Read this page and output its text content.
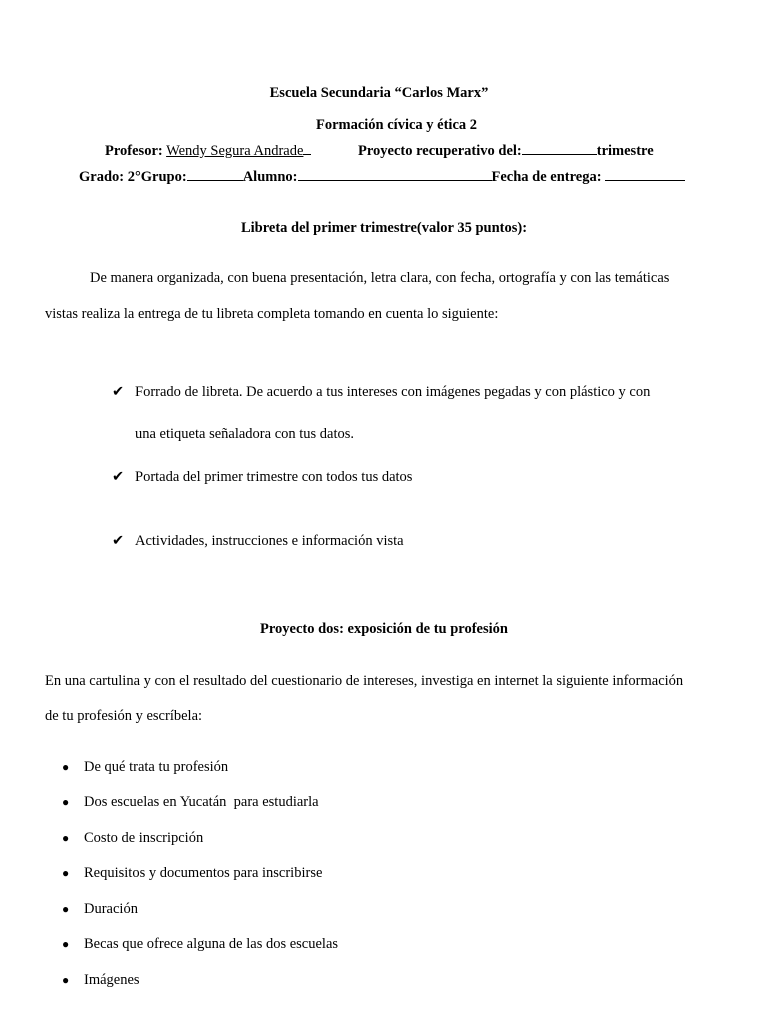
Escuela Secundaria “Carlos Marx”
Formación cívica y ética 2
Profesor: Wendy Segura Andrade	Proyecto recuperativo del:	trimestre
Grado: 2°Grupo:	Alumno:	Fecha de entrega:
Libreta del primer trimestre(valor 35 puntos):
De manera organizada, con buena presentación, letra clara, con fecha, ortografía y con las temáticas
vistas realiza la entrega de tu libreta completa tomando en cuenta lo siguiente:
✔ Forrado de libreta. De acuerdo a tus intereses con imágenes pegadas y con plástico y con
una etiqueta señaladora con tus datos.
✔ Portada del primer trimestre con todos tus datos
✔ Actividades, instrucciones e información vista
Proyecto dos: exposición de tu profesión
En una cartulina y con el resultado del cuestionario de intereses, investiga en internet la siguiente información
de tu profesión y escríbela:
● De qué trata tu profesión
● Dos escuelas en Yucatán  para estudiarla
● Costo de inscripción
● Requisitos y documentos para inscribirse
● Duración
● Becas que ofrece alguna de las dos escuelas
● Imágenes
